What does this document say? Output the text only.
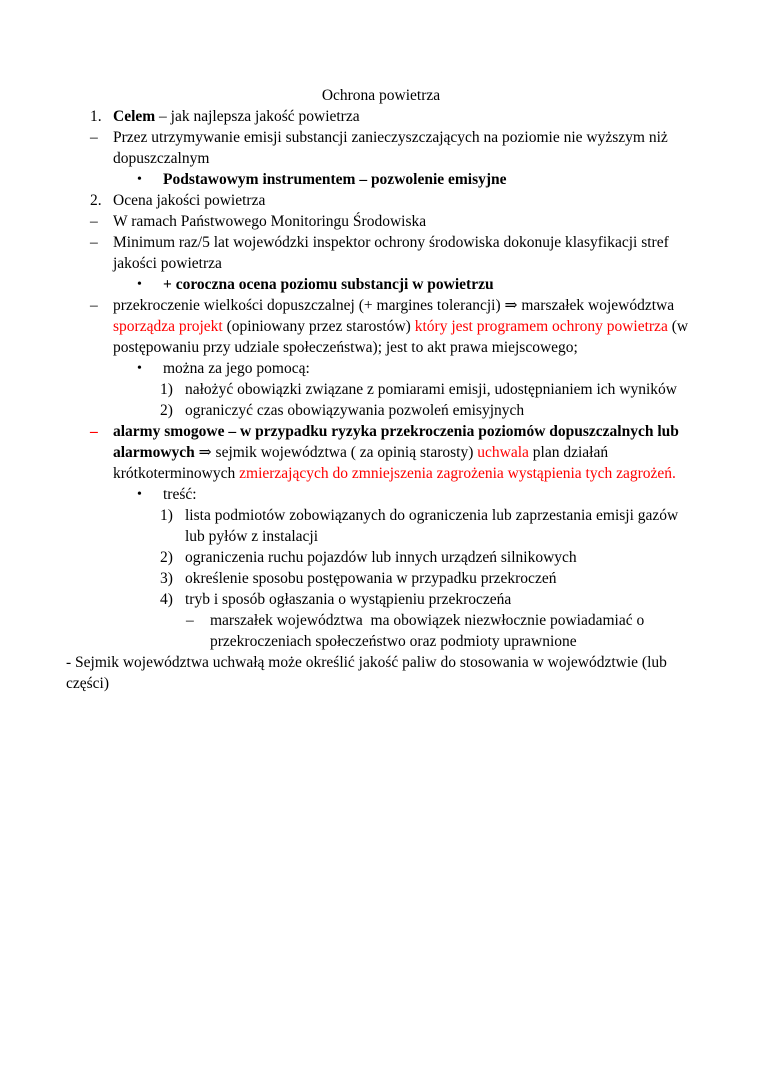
Ochrona powietrza
1. Celem – jak najlepsza jakość powietrza
– Przez utrzymywanie emisji substancji zanieczyszczających na poziomie nie wyższym niż dopuszczalnym
• Podstawowym instrumentem – pozwolenie emisyjne
2. Ocena jakości powietrza
– W ramach Państwowego Monitoringu Środowiska
– Minimum raz/5 lat wojewódzki inspektor ochrony środowiska dokonuje klasyfikacji stref jakości powietrza
• + coroczna ocena poziomu substancji w powietrzu
– przekroczenie wielkości dopuszczalnej (+ margines tolerancji) ⇒ marszałek województwa sporządza projekt (opiniowany przez starostów) który jest programem ochrony powietrza (w postępowaniu przy udziale społeczeństwa); jest to akt prawa miejscowego;
• można za jego pomocą:
1) nałożyć obowiązki związane z pomiarami emisji, udostępnianiem ich wyników
2) ograniczyć czas obowiązywania pozwoleń emisyjnych
– alarmy smogowe – w przypadku ryzyka przekroczenia poziomów dopuszczalnych lub alarmowych ⇒ sejmik województwa ( za opinią starosty) uchwala plan działań krótkoterminowych zmierzających do zmniejszenia zagrożenia wystąpienia tych zagrożeń.
• treść:
1) lista podmiotów zobowiązanych do ograniczenia lub zaprzestania emisji gazów lub pyłów z instalacji
2) ograniczenia ruchu pojazdów lub innych urządzeń silnikowych
3) określenie sposobu postępowania w przypadku przekroczeń
4) tryb i sposób ogłaszania o wystąpieniu przekroczeńa
– marszałek województwa  ma obowiązek niezwłocznie powiadamiać o przekroczeniach społeczeństwo oraz podmioty uprawnione
- Sejmik województwa uchwałą może określić jakość paliw do stosowania w województwie (lub części)
